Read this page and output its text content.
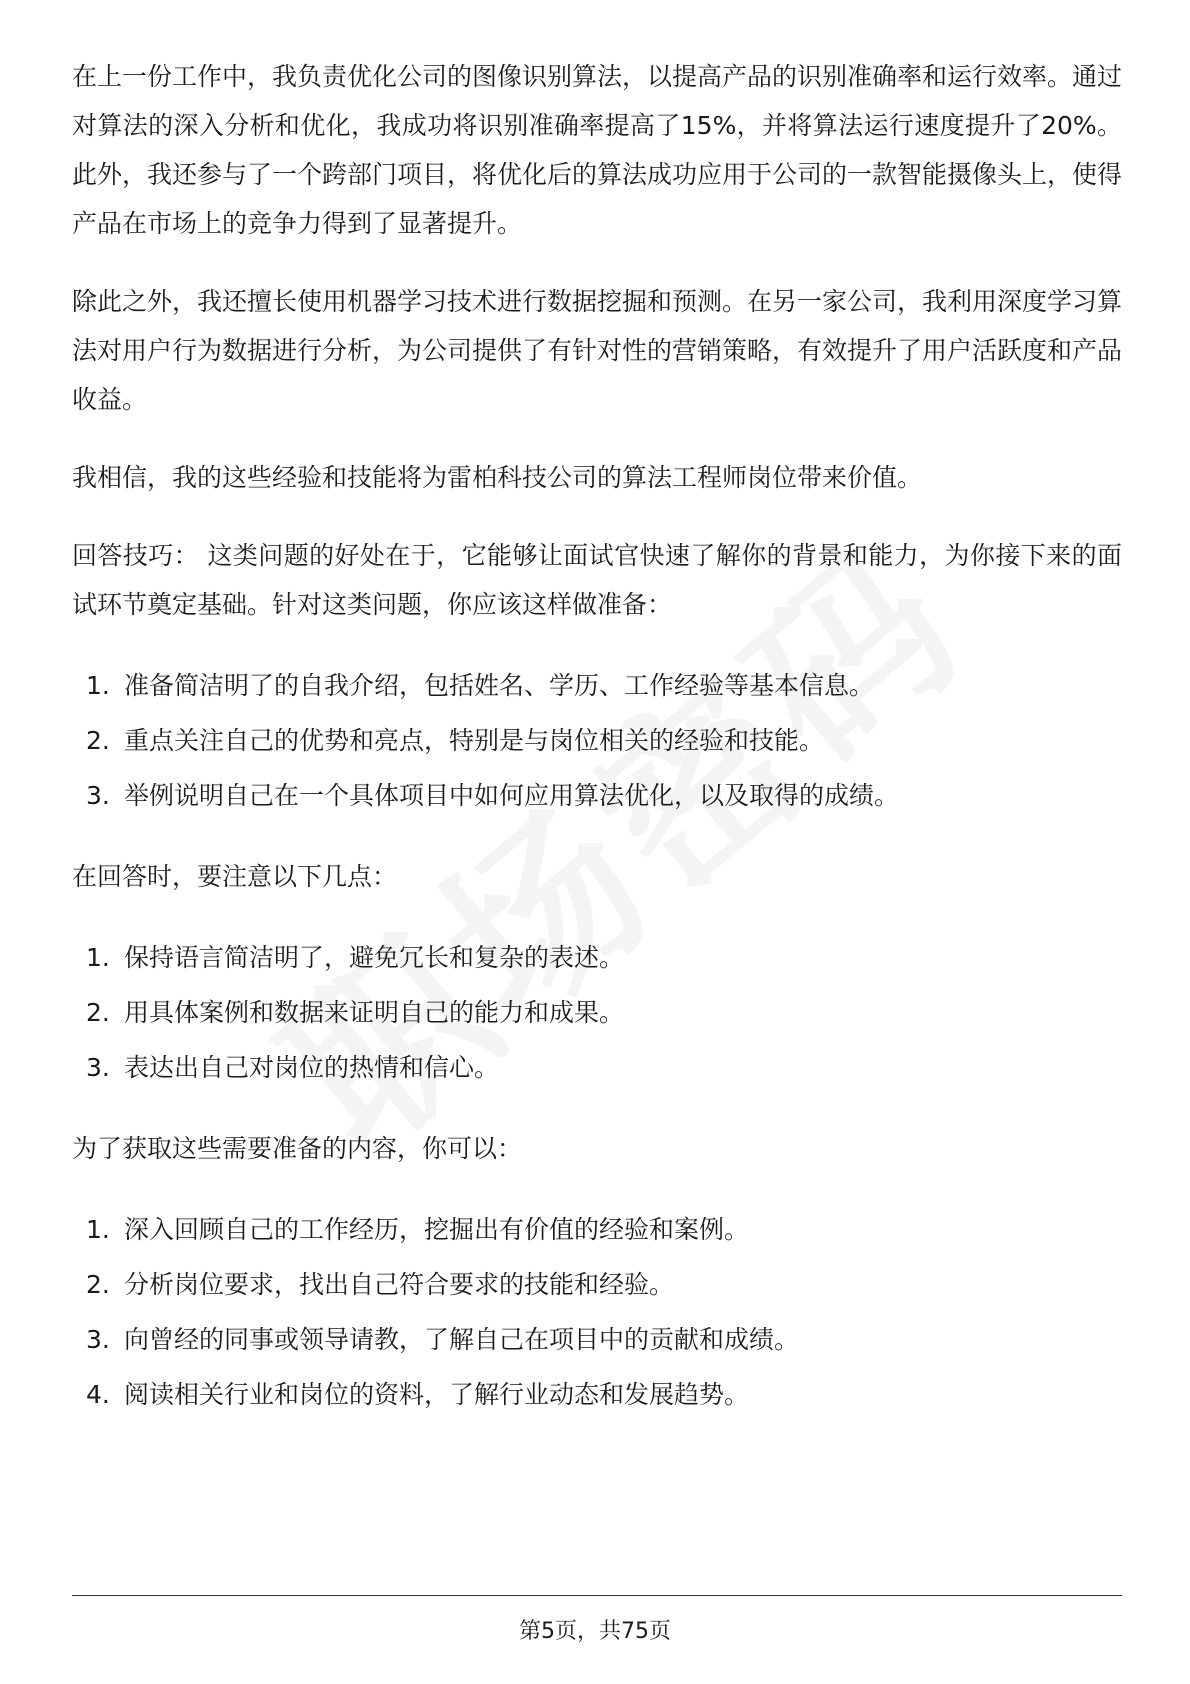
在上一份工作中，我负责优化公司的图像识别算法，以提高产品的识别准确率和运行效率。通过对算法的深入分析和优化，我成功将识别准确率提高了15%，并将算法运行速度提升了20%。此外，我还参与了一个跨部门项目，将优化后的算法成功应用于公司的一款智能摄像头上，使得产品在市场上的竞争力得到了显著提升。

除此之外，我还擅长使用机器学习技术进行数据挖掘和预测。在另一家公司，我利用深度学习算法对用户行为数据进行分析，为公司提供了有针对性的营销策略，有效提升了用户活跃度和产品收益。

我相信，我的这些经验和技能将为雷柏科技公司的算法工程师岗位带来价值。

回答技巧： 这类问题的好处在于，它能够让面试官快速了解你的背景和能力，为你接下来的面试环节奠定基础。针对这类问题，你应该这样做准备：

1. 准备简洁明了的自我介绍，包括姓名、学历、工作经验等基本信息。
2. 重点关注自己的优势和亮点，特别是与岗位相关的经验和技能。
3. 举例说明自己在一个具体项目中如何应用算法优化，以及取得的成绩。

在回答时，要注意以下几点：

1. 保持语言简洁明了，避免冗长和复杂的表述。
2. 用具体案例和数据来证明自己的能力和成果。
3. 表达出自己对岗位的热情和信心。

为了获取这些需要准备的内容，你可以：

1. 深入回顾自己的工作经历，挖掘出有价值的经验和案例。
2. 分析岗位要求，找出自己符合要求的技能和经验。
3. 向曾经的同事或领导请教，了解自己在项目中的贡献和成绩。
4. 阅读相关行业和岗位的资料，了解行业动态和发展趋势。
第5页，共75页
